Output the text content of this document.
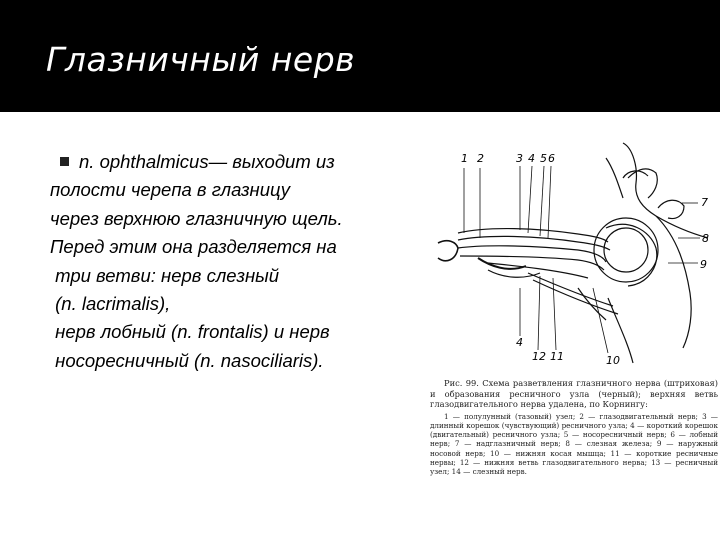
Глазничный нерв
n. ophthalmicus— выходит из
полости черепа в глазницу
через верхнюю глазничную щель.
Перед этим она разделяется на
три ветви: нерв слезный
(n. lacrimalis),
нерв лобный (n. frontalis) и нерв
носоресничный (n. nasociliaris).
1 2	3 4 5 6
7
8
9
4
12 11	10

Рис. 99. Схема разветвления глазничного нерва (штриховая) и образования ресничного узла (черный); верхняя ветвь глазодвигательного нерва удалена, по Корнингу:

1 — полулунный (тазовый) узел; 2 — глазодвигательный нерв; 3 — длинный корешок (чувствующий) ресничного узла; 4 — короткий корешок (двигательный) ресничного узла; 5 — носоресничный нерв; 6 — лобный нерв; 7 — надглазничный нерв; 8 — слезная железа; 9 — наружный носовой нерв; 10 — нижняя косая мышца; 11 — короткие ресничные нервы; 12 — нижняя ветвь глазодвигательного нерва; 13 — ресничный узел; 14 — слезный нерв.
